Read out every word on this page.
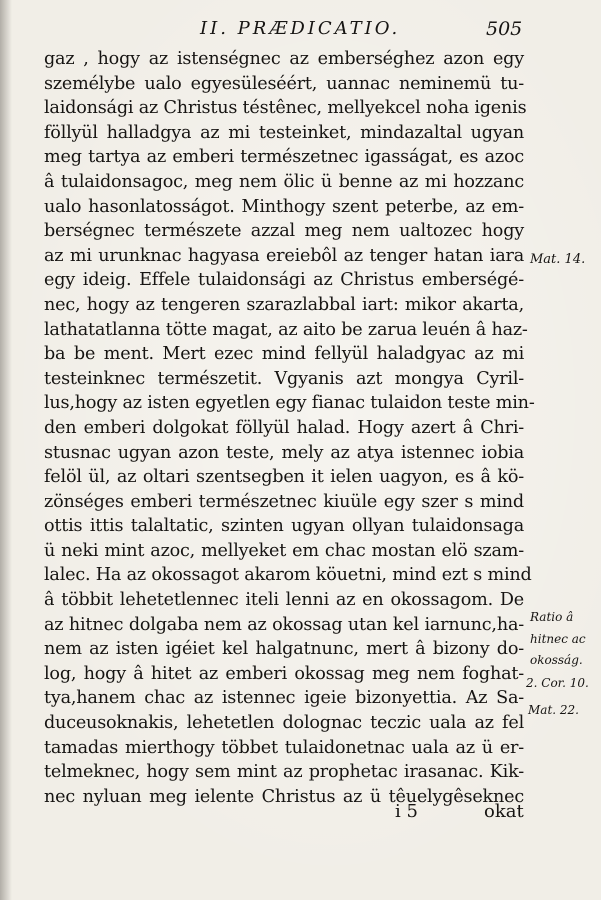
II. PRÆDICATIO.	505
gaz , hogy az istenségnec az emberséghez azon egy
személybe ualo egyesüleséért, uannac neminemü tu-
laidonsági az Christus téstênec, mellyekcel noha igenis
föllyül halladgya az mi testeinket, mindazaltal ugyan
meg tartya az emberi természetnec igasságat, es azoc
â tulaidonsagoc, meg nem ölic ü benne az mi hozzanc
ualo hasonlatosságot. Minthogy szent peterbe, az em-
berségnec természete azzal meg nem ualtozec hogy
az mi urunknac hagyasa ereiebôl az tenger hatan iara
egy ideig. Effele tulaidonsági az Christus emberségé-
nec, hogy az tengeren szarazlabbal iart: mikor akarta,
lathatatlanna tötte magat, az aito be zarua leuén â haz-
ba be ment. Mert ezec mind fellyül haladgyac az mi
testeinknec természetit. Vgyanis azt mongya Cyril-
lus,hogy az isten egyetlen egy fianac tulaidon teste min-
den emberi dolgokat föllyül halad. Hogy azert â Chri-
stusnac ugyan azon teste, mely az atya istennec iobia
felöl ül, az oltari szentsegben it ielen uagyon, es â kö-
zönséges emberi természetnec kiuüle egy szer s mind
ottis ittis talaltatic, szinten ugyan ollyan tulaidonsaga
ü neki mint azoc, mellyeket em chac mostan elö szam-
lalec. Ha az okossagot akarom köuetni, mind ezt s mind
â többit lehetetlennec iteli lenni az en okossagom. De
az hitnec dolgaba nem az okossag utan kel iarnunc,ha-
nem az isten igéiet kel halgatnunc, mert â bizony do-
log, hogy â hitet az emberi okossag meg nem foghat-
tya,hanem chac az istennec igeie bizonyettia. Az Sa-
duceusoknakis, lehetetlen dolognac teczic uala az fel
tamadas mierthogy többet tulaidonetnac uala az ü er-
telmeknec, hogy sem mint az prophetac irasanac. Kik-
nec nyluan meg ielente Christus az ü têuelygêseknec
Mat. 14.
Ratio â
hitnec ac
okosság.
2. Cor. 10.
Mat. 22.
i 5	okat
